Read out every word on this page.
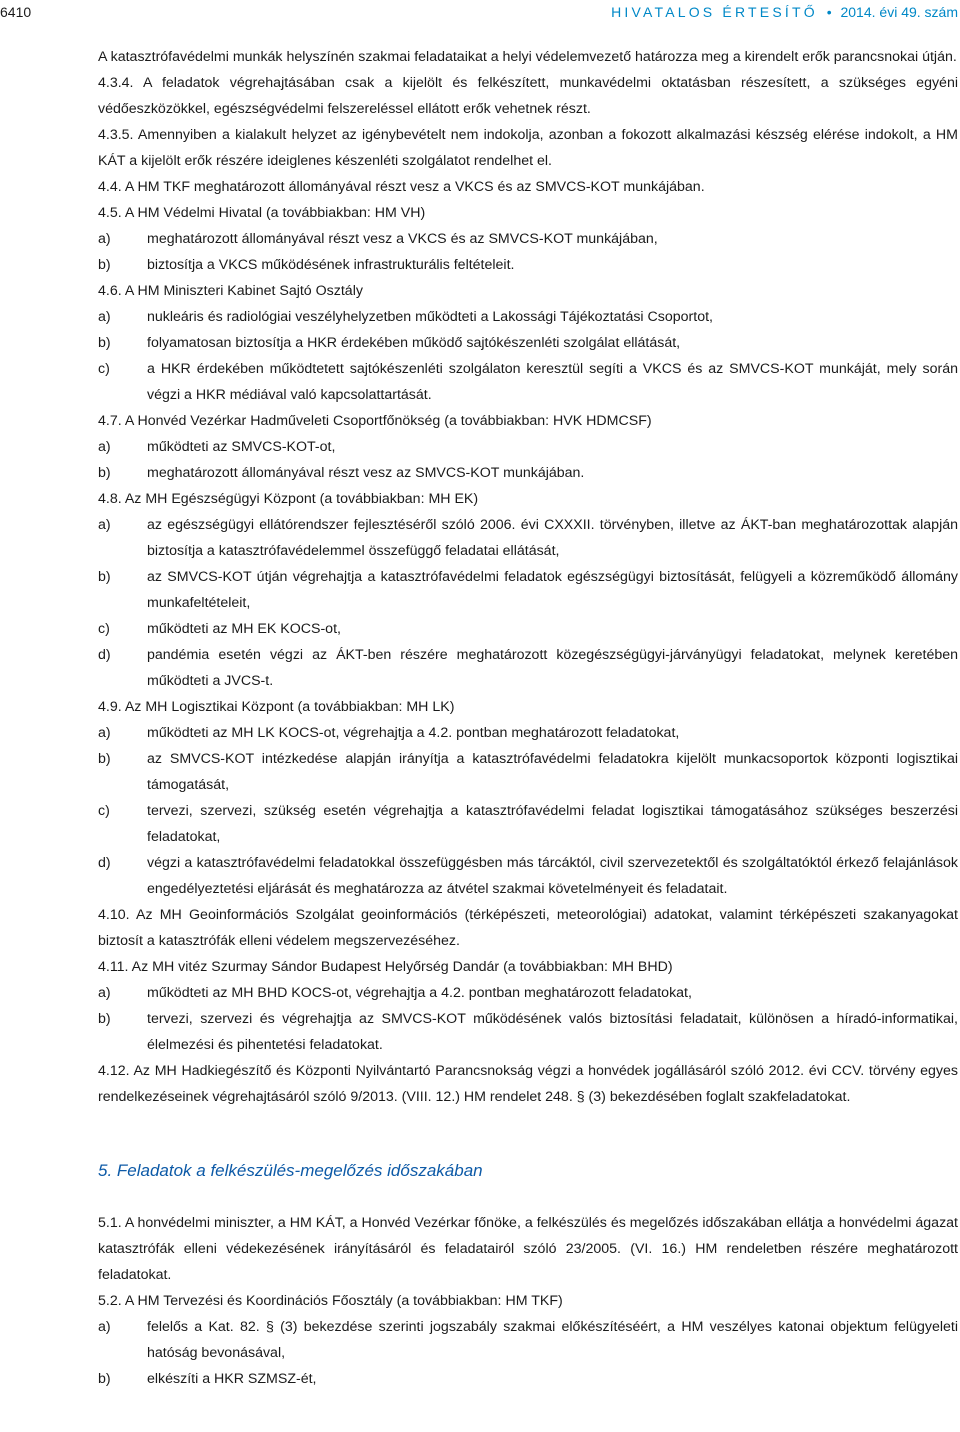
6410	HIVATALOS ÉRTESÍTŐ • 2014. évi 49. szám

A katasztrófavédelmi munkák helyszínén szakmai feladataikat a helyi védelemvezető határozza meg a kirendelt erők parancsnokai útján.

4.3.4. A feladatok végrehajtásában csak a kijelölt és felkészített, munkavédelmi oktatásban részesített, a szükséges egyéni védőeszközökkel, egészségvédelmi felszereléssel ellátott erők vehetnek részt.

4.3.5. Amennyiben a kialakult helyzet az igénybevételt nem indokolja, azonban a fokozott alkalmazási készség elérése indokolt, a HM KÁT a kijelölt erők részére ideiglenes készenléti szolgálatot rendelhet el.

4.4. A HM TKF meghatározott állományával részt vesz a VKCS és az SMVCS-KOT munkájában.

4.5. A HM Védelmi Hivatal (a továbbiakban: HM VH)

a)	meghatározott állományával részt vesz a VKCS és az SMVCS-KOT munkájában,
b)	biztosítja a VKCS működésének infrastrukturális feltételeit.

4.6. A HM Miniszteri Kabinet Sajtó Osztály

a)	nukleáris és radiológiai veszélyhelyzetben működteti a Lakossági Tájékoztatási Csoportot,
b)	folyamatosan biztosítja a HKR érdekében működő sajtókészenléti szolgálat ellátását,
c)	a HKR érdekében működtetett sajtókészenléti szolgálaton keresztül segíti a VKCS és az SMVCS-KOT munkáját, mely során végzi a HKR médiával való kapcsolattartását.

4.7. A Honvéd Vezérkar Hadműveleti Csoportfőnökség (a továbbiakban: HVK HDMCSF)

a)	működteti az SMVCS-KOT-ot,
b)	meghatározott állományával részt vesz az SMVCS-KOT munkájában.

4.8. Az MH Egészségügyi Központ (a továbbiakban: MH EK)

a)	az egészségügyi ellátórendszer fejlesztéséről szóló 2006. évi CXXXII. törvényben, illetve az ÁKT-ban meghatározottak alapján biztosítja a katasztrófavédelemmel összefüggő feladatai ellátását,
b)	az SMVCS-KOT útján végrehajtja a katasztrófavédelmi feladatok egészségügyi biztosítását, felügyeli a közreműködő állomány munkafeltételeit,
c)	működteti az MH EK KOCS-ot,
d)	pandémia esetén végzi az ÁKT-ben részére meghatározott közegészségügyi-járványügyi feladatokat, melynek keretében működteti a JVCS-t.

4.9. Az MH Logisztikai Központ (a továbbiakban: MH LK)

a)	működteti az MH LK KOCS-ot, végrehajtja a 4.2. pontban meghatározott feladatokat,
b)	az SMVCS-KOT intézkedése alapján irányítja a katasztrófavédelmi feladatokra kijelölt munkacsoportok központi logisztikai támogatását,
c)	tervezi, szervezi, szükség esetén végrehajtja a katasztrófavédelmi feladat logisztikai támogatásához szükséges beszerzési feladatokat,
d)	végzi a katasztrófavédelmi feladatokkal összefüggésben más tárcáktól, civil szervezetektől és szolgáltatóktól érkező felajánlások engedélyeztetési eljárását és meghatározza az átvétel szakmai követelményeit és feladatait.

4.10. Az MH Geoinformációs Szolgálat geoinformációs (térképészeti, meteorológiai) adatokat, valamint térképészeti szakanyagokat biztosít a katasztrófák elleni védelem megszervezéséhez.

4.11. Az MH vitéz Szurmay Sándor Budapest Helyőrség Dandár (a továbbiakban: MH BHD)

a)	működteti az MH BHD KOCS-ot, végrehajtja a 4.2. pontban meghatározott feladatokat,
b)	tervezi, szervezi és végrehajtja az SMVCS-KOT működésének valós biztosítási feladatait, különösen a híradó-informatikai, élelmezési és pihentetési feladatokat.

4.12. Az MH Hadkiegészítő és Központi Nyilvántartó Parancsnokság végzi a honvédek jogállásáról szóló 2012. évi CCV. törvény egyes rendelkezéseinek végrehajtásáról szóló 9/2013. (VIII. 12.) HM rendelet 248. § (3) bekezdésében foglalt szakfeladatokat.

5. Feladatok a felkészülés-megelőzés időszakában

5.1. A honvédelmi miniszter, a HM KÁT, a Honvéd Vezérkar főnöke, a felkészülés és megelőzés időszakában ellátja a honvédelmi ágazat katasztrófák elleni védekezésének irányításáról és feladatairól szóló 23/2005. (VI. 16.) HM rendeletben részére meghatározott feladatokat.

5.2. A HM Tervezési és Koordinációs Főosztály (a továbbiakban: HM TKF)

a)	felelős a Kat. 82. § (3) bekezdése szerinti jogszabály szakmai előkészítéséért, a HM veszélyes katonai objektum felügyeleti hatóság bevonásával,
b)	elkészíti a HKR SZMSZ-ét,
